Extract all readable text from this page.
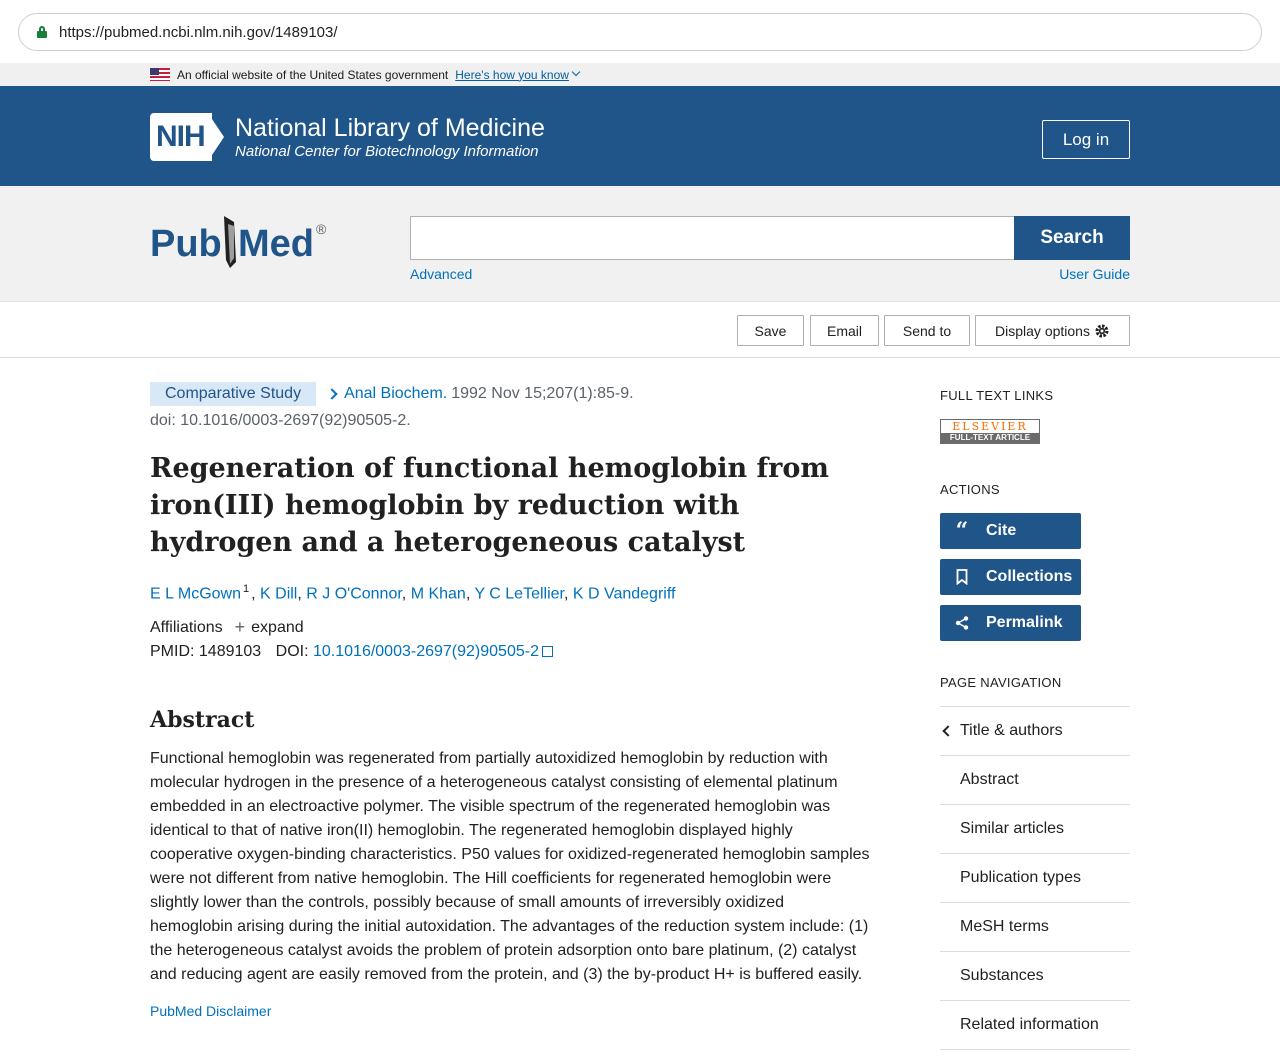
https://pubmed.ncbi.nlm.nih.gov/1489103/
An official website of the United States government Here's how you know
NIH National Library of Medicine
National Center for Biotechnology Information
Log in
Pub Med ®	Search
Advanced	User Guide
Save	Email	Send to	Display options
Comparative Study	Anal Biochem. 1992 Nov 15;207(1):85-9.
doi: 10.1016/0003-2697(92)90505-2.
Regeneration of functional hemoglobin from iron(III) hemoglobin by reduction with hydrogen and a heterogeneous catalyst
E L McGown $^1$ , K Dill, R J O'Connor, M Khan, Y C LeTellier, K D Vandegriff
Affiliations + expand
PMID: 1489103 DOI: 10.1016/0003-2697(92)90505-2
Abstract

Functional hemoglobin was regenerated from partially autoxidized hemoglobin by reduction with molecular hydrogen in the presence of a heterogeneous catalyst consisting of elemental platinum embedded in an electroactive polymer. The visible spectrum of the regenerated hemoglobin was identical to that of native iron(II) hemoglobin. The regenerated hemoglobin displayed highly cooperative oxygen-binding characteristics. P50 values for oxidized-regenerated hemoglobin samples were not different from native hemoglobin. The Hill coefficients for regenerated hemoglobin were slightly lower than the controls, possibly because of small amounts of irreversibly oxidized hemoglobin arising during the initial autoxidation. The advantages of the reduction system include: (1) the heterogeneous catalyst avoids the problem of protein adsorption onto bare platinum, (2) catalyst and reducing agent are easily removed from the protein, and (3) the by-product H+ is buffered easily.

PubMed Disclaimer
FULL TEXT LINKS
ELSEVIER
FULL-TEXT ARTICLE
ACTIONS
“ Cite
Collections
Permalink
PAGE NAVIGATION
Title & authors
Abstract
Similar articles
Publication types
MeSH terms
Substances
Related information
